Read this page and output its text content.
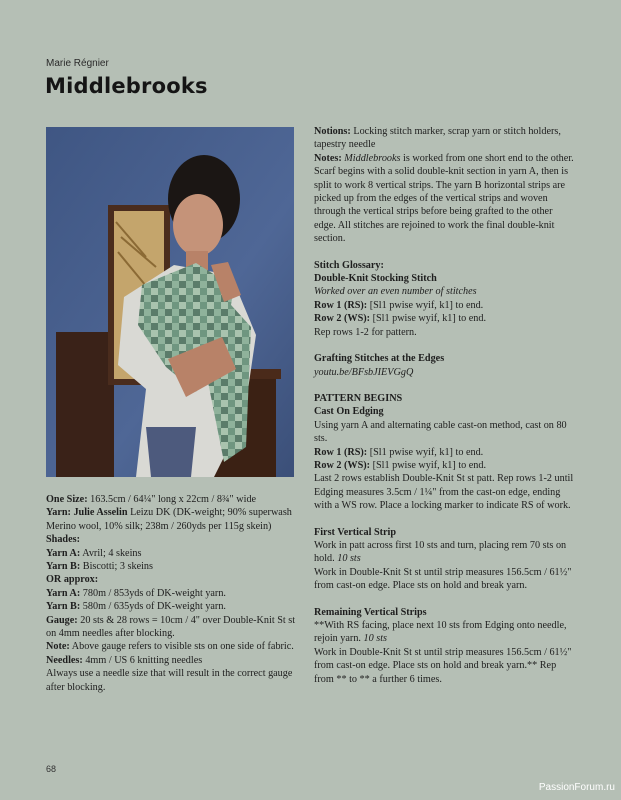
Marie Régnier
Middlebrooks

One Size: 163.5cm / 64¼" long x 22cm / 8¾" wide

Yarn: Julie Asselin Leizu DK (DK-weight; 90% superwash Merino wool, 10% silk; 238m / 260yds per 115g skein)

Shades:

Yarn A: Avril; 4 skeins

Yarn B: Biscotti; 3 skeins

OR approx:

Yarn A: 780m / 853yds of DK-weight yarn.

Yarn B: 580m / 635yds of DK-weight yarn.

Gauge: 20 sts & 28 rows = 10cm / 4" over Double-Knit St st on 4mm needles after blocking.

Note: Above gauge refers to visible sts on one side of fabric.

Needles: 4mm / US 6 knitting needles

Always use a needle size that will result in the correct gauge after blocking.

Notions: Locking stitch marker, scrap yarn or stitch holders, tapestry needle

Notes: Middlebrooks is worked from one short end to the other. Scarf begins with a solid double-knit section in yarn A, then is split to work 8 vertical strips. The yarn B horizontal strips are picked up from the edges of the vertical strips and woven through the vertical strips before being grafted to the other edge. All stitches are rejoined to work the final double-knit section.

Stitch Glossary:

Double-Knit Stocking Stitch

Worked over an even number of stitches

Row 1 (RS): [Sl1 pwise wyif, k1] to end.

Row 2 (WS): [Sl1 pwise wyif, k1] to end.

Rep rows 1-2 for pattern.

Grafting Stitches at the Edges

youtu.be/BFsbJIEVGgQ

PATTERN BEGINS

Cast On Edging

Using yarn A and alternating cable cast-on method, cast on 80 sts.

Row 1 (RS): [Sl1 pwise wyif, k1] to end.

Row 2 (WS): [Sl1 pwise wyif, k1] to end.

Last 2 rows establish Double-Knit St st patt. Rep rows 1-2 until Edging measures 3.5cm / 1¼" from the cast-on edge, ending with a WS row. Place a locking marker to indicate RS of work.

First Vertical Strip

Work in patt across first 10 sts and turn, placing rem 70 sts on hold. 10 sts

Work in Double-Knit St st until strip measures 156.5cm / 61½" from cast-on edge. Place sts on hold and break yarn.

Remaining Vertical Strips

**With RS facing, place next 10 sts from Edging onto needle, rejoin yarn. 10 sts

Work in Double-Knit St st until strip measures 156.5cm / 61½" from cast-on edge. Place sts on hold and break yarn.** Rep from ** to ** a further 6 times.

68
PassionForum.ru
